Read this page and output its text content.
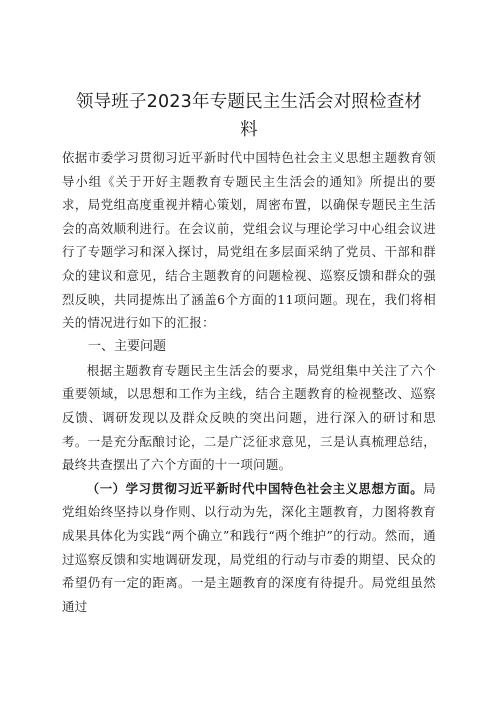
领导班子2023年专题民主生活会对照检查材料

依据市委学习贯彻习近平新时代中国特色社会主义思想主题教育领导小组《关于开好主题教育专题民主生活会的通知》所提出的要求，局党组高度重视并精心策划，周密布置，以确保专题民主生活会的高效顺利进行。在会议前，党组会议与理论学习中心组会议进行了专题学习和深入探讨，局党组在多层面采纳了党员、干部和群众的建议和意见，结合主题教育的问题检视、巡察反馈和群众的强烈反映，共同提炼出了涵盖6个方面的11项问题。现在，我们将相关的情况进行如下的汇报：

一、主要问题

根据主题教育专题民主生活会的要求，局党组集中关注了六个重要领域，以思想和工作为主线，结合主题教育的检视整改、巡察反馈、调研发现以及群众反映的突出问题，进行深入的研讨和思考。一是充分酝酿讨论，二是广泛征求意见，三是认真梳理总结，最终共查摆出了六个方面的十一项问题。

（一）学习贯彻习近平新时代中国特色社会主义思想方面。局党组始终坚持以身作则、以行动为先，深化主题教育，力图将教育成果具体化为实践“两个确立”和践行“两个维护”的行动。然而，通过巡察反馈和实地调研发现，局党组的行动与市委的期望、民众的希望仍有一定的距离。一是主题教育的深度有待提升。局党组虽然通过
